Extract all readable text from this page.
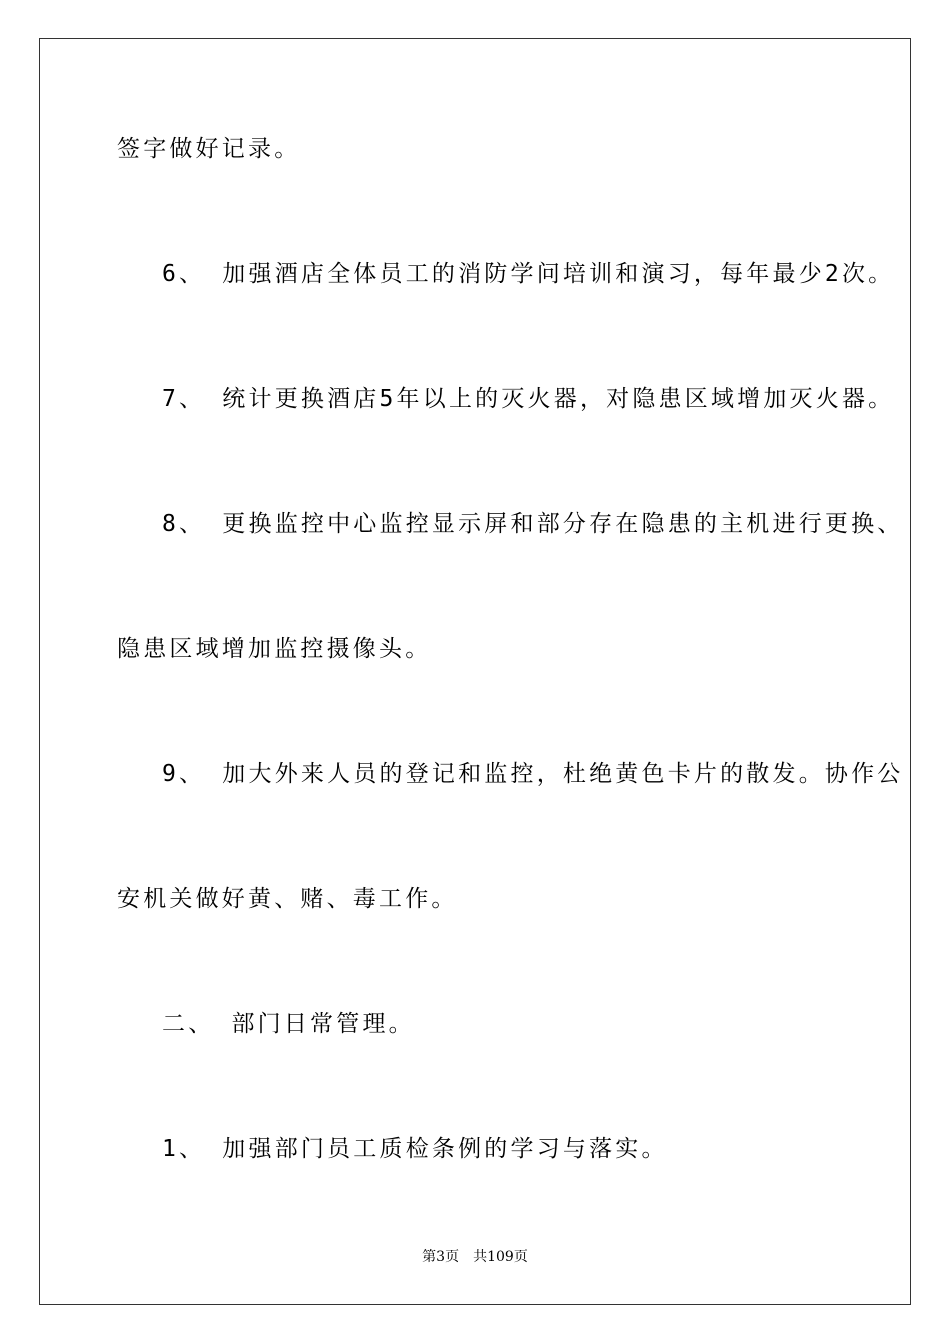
签字做好记录。
6、 加强酒店全体员工的消防学问培训和演习，每年最少2次。
7、 统计更换酒店5年以上的灭火器，对隐患区域增加灭火器。
8、 更换监控中心监控显示屏和部分存在隐患的主机进行更换、
隐患区域增加监控摄像头。
9、 加大外来人员的登记和监控，杜绝黄色卡片的散发。协作公
安机关做好黄、赌、毒工作。
二、 部门日常管理。
1、 加强部门员工质检条例的学习与落实。
第3页 共109页
